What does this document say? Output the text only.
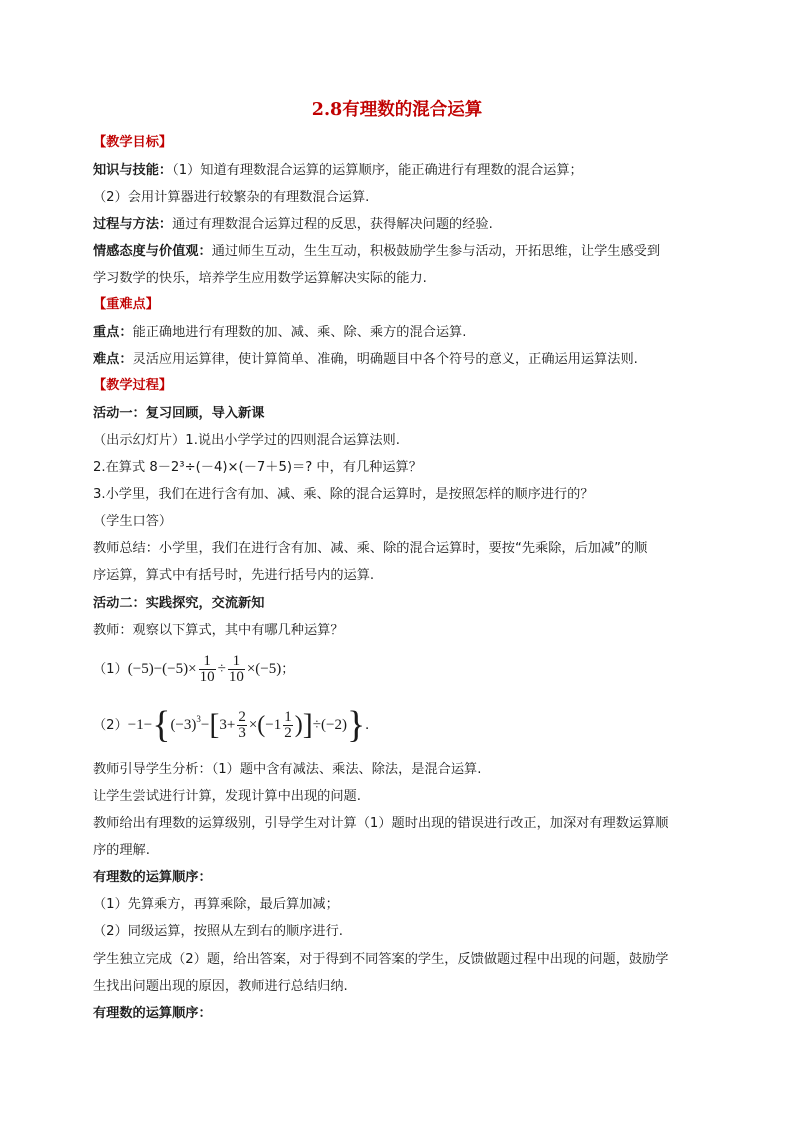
2.8有理数的混合运算
【教学目标】
知识与技能：（1）知道有理数混合运算的运算顺序，能正确进行有理数的混合运算；
（2）会用计算器进行较繁杂的有理数混合运算.
过程与方法：通过有理数混合运算过程的反思，获得解决问题的经验.
情感态度与价值观：通过师生互动，生生互动，积极鼓励学生参与活动，开拓思维，让学生感受到
学习数学的快乐，培养学生应用数学运算解决实际的能力.
【重难点】
重点：能正确地进行有理数的加、减、乘、除、乘方的混合运算.
难点：灵活应用运算律，使计算简单、准确，明确题目中各个符号的意义，正确运用运算法则.
【教学过程】
活动一：复习回顾，导入新课
（出示幻灯片）1.说出小学学过的四则混合运算法则.
2.在算式 8－2³÷(－4)×(－7＋5)＝? 中，有几种运算？
3.小学里，我们在进行含有加、减、乘、除的混合运算时，是按照怎样的顺序进行的？
（学生口答）
教师总结：小学里，我们在进行含有加、减、乘、除的混合运算时，要按“先乘除，后加减”的顺
序运算，算式中有括号时，先进行括号内的运算.
活动二：实践探究，交流新知
教师：观察以下算式，其中有哪几种运算？
$(1)(-5)-(-5)\times \frac{1}{10} \div \frac{1}{10} \times(-5)$；
$(2)-1-\{(-3)^3-[3+ \frac{2}{3} \times(-1 \frac{1}{2} )]\div(-2)\}$.
教师引导学生分析：（1）题中含有减法、乘法、除法，是混合运算.
让学生尝试进行计算，发现计算中出现的问题.
教师给出有理数的运算级别，引导学生对计算（1）题时出现的错误进行改正，加深对有理数运算顺
序的理解.
有理数的运算顺序：
（1）先算乘方，再算乘除，最后算加减；
（2）同级运算，按照从左到右的顺序进行.
学生独立完成（2）题，给出答案，对于得到不同答案的学生，反馈做题过程中出现的问题，鼓励学
生找出问题出现的原因，教师进行总结归纳.
有理数的运算顺序：
